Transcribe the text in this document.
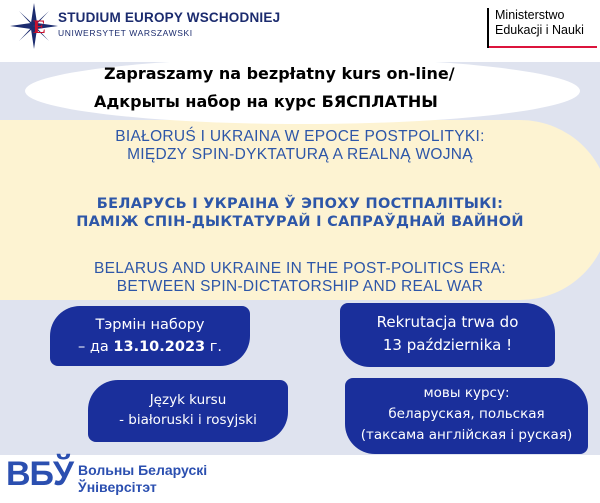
E STUDIUM EUROPY WSCHODNIEJ
UNIWERSYTET WARSZAWSKI
Ministerstwo
Edukacji i Nauki
Zapraszamy na bezpłatny kurs on-line/
Адкрыты набор на курс БЯСПЛАТНЫ
BIAŁORUŚ I UKRAINA W EPOCE POSTPOLITYKI:
MIĘDZY SPIN-DYKTATURĄ A REALNĄ WOJNĄ
БЕЛАРУСЬ І УКРАІНА Ў ЭПОХУ ПОСТПАЛІТЫКІ:
ПАМІЖ СПІН-ДЫКТАТУРАЙ І САПРАЎДНАЙ ВАЙНОЙ
BELARUS AND UKRAINE IN THE POST-POLITICS ERA:
BETWEEN SPIN-DICTATORSHIP AND REAL WAR
Тэрмін набору
– да 13.10.2023 г.
Rekrutacja trwa do
13 października !
Język kursu
- białoruski i rosyjski
мовы курсу:
беларуская, польская
(таксама англійская і руская)
ВБЎ Вольны Беларускі
Ўніверсітэт
